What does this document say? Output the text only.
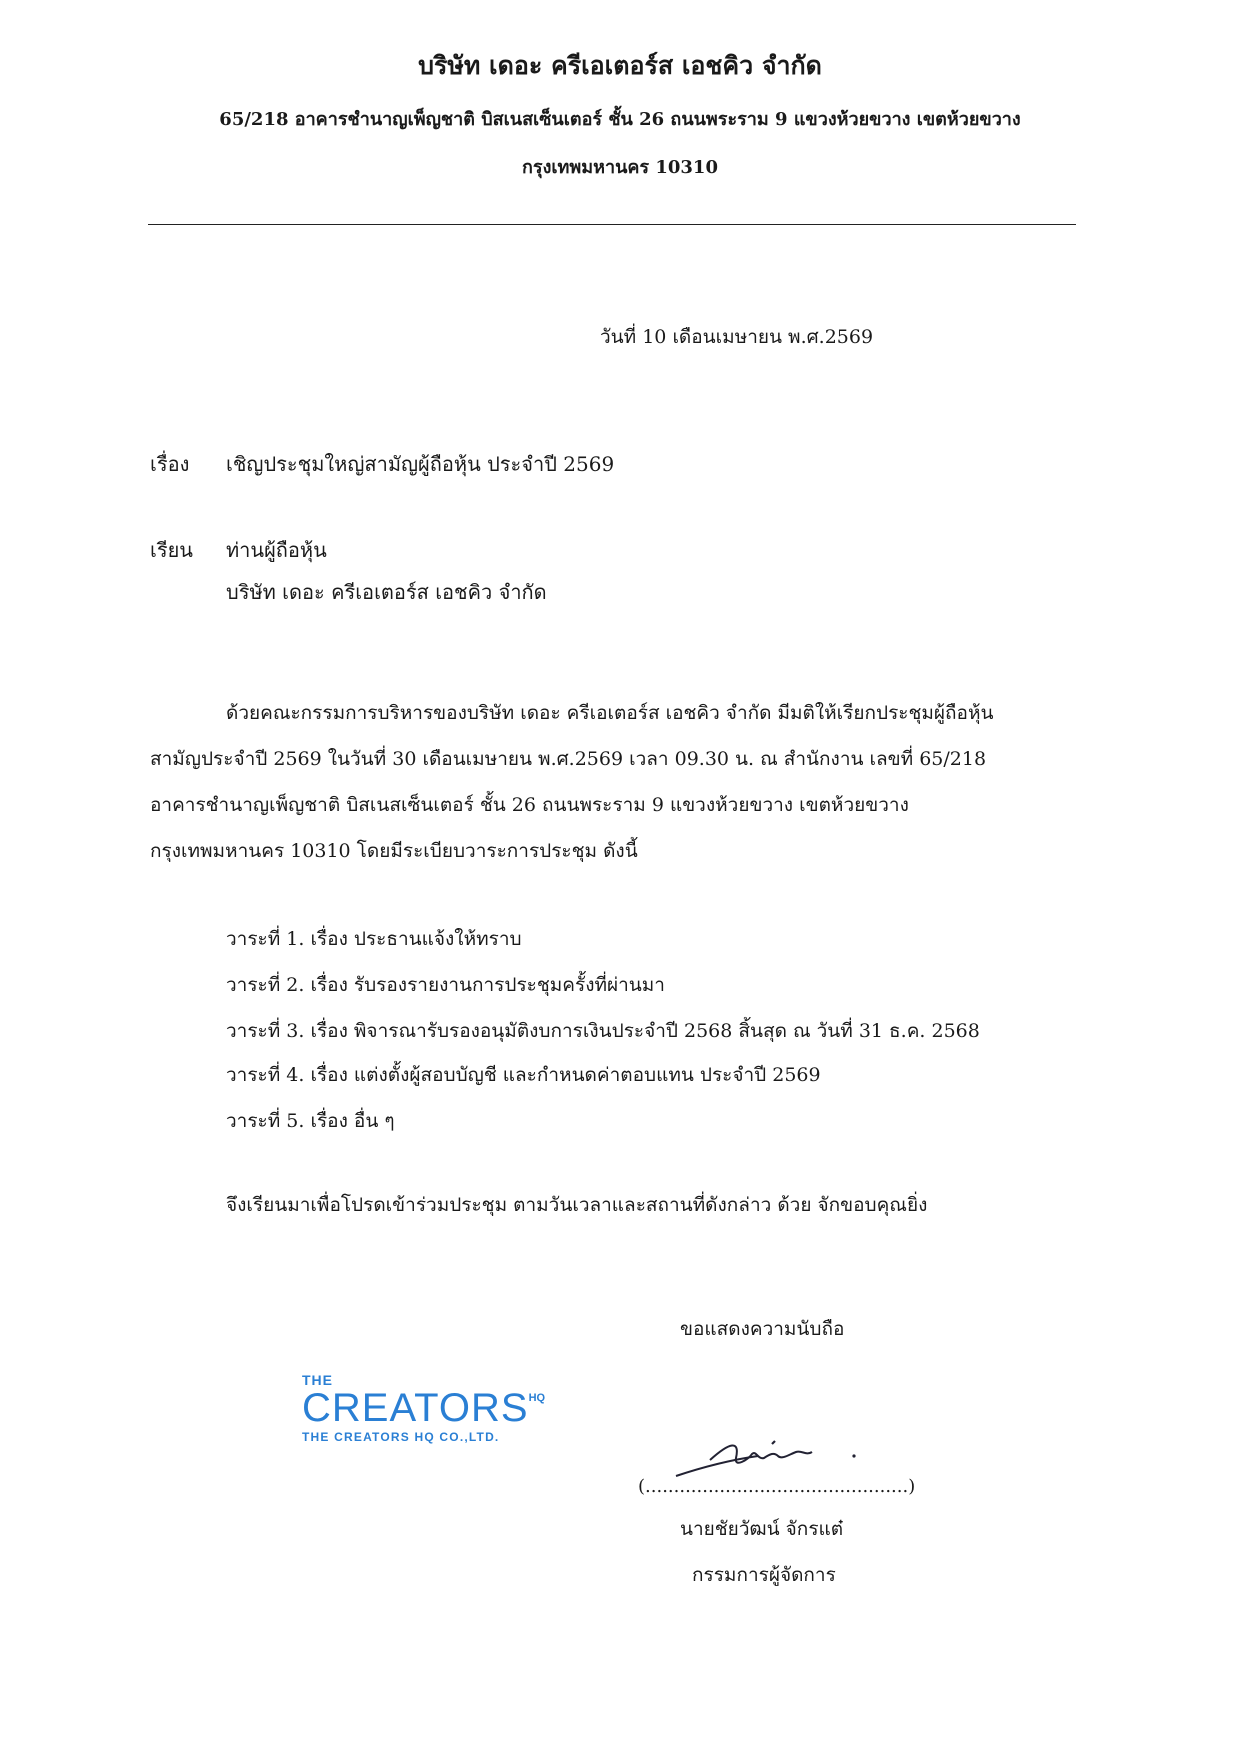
บริษัท เดอะ ครีเอเตอร์ส เอชคิว จำกัด
65/218 อาคารชำนาญเพ็ญชาติ บิสเนสเซ็นเตอร์ ชั้น 26 ถนนพระราม 9 แขวงห้วยขวาง เขตห้วยขวาง
กรุงเทพมหานคร 10310
วันที่ 10 เดือนเมษายน พ.ศ.2569
เรื่อง เชิญประชุมใหญ่สามัญผู้ถือหุ้น ประจำปี 2569
เรียน ท่านผู้ถือหุ้น
บริษัท เดอะ ครีเอเตอร์ส เอชคิว จำกัด
ด้วยคณะกรรมการบริหารของบริษัท เดอะ ครีเอเตอร์ส เอชคิว จำกัด มีมติให้เรียกประชุมผู้ถือหุ้น
สามัญประจำปี 2569 ในวันที่ 30 เดือนเมษายน พ.ศ.2569 เวลา 09.30 น. ณ สำนักงาน เลขที่ 65/218
อาคารชำนาญเพ็ญชาติ บิสเนสเซ็นเตอร์ ชั้น 26 ถนนพระราม 9 แขวงห้วยขวาง เขตห้วยขวาง
กรุงเทพมหานคร 10310 โดยมีระเบียบวาระการประชุม ดังนี้
วาระที่ 1. เรื่อง ประธานแจ้งให้ทราบ
วาระที่ 2. เรื่อง รับรองรายงานการประชุมครั้งที่ผ่านมา
วาระที่ 3. เรื่อง พิจารณารับรองอนุมัติงบการเงินประจำปี 2568 สิ้นสุด ณ วันที่ 31 ธ.ค. 2568
วาระที่ 4. เรื่อง แต่งตั้งผู้สอบบัญชี และกำหนดค่าตอบแทน ประจำปี 2569
วาระที่ 5. เรื่อง อื่น ๆ
จึงเรียนมาเพื่อโปรดเข้าร่วมประชุม ตามวันเวลาและสถานที่ดังกล่าว ด้วย จักขอบคุณยิ่ง
ขอแสดงความนับถือ
THE
$CREATORS^{HQ}$
THE CREATORS HQ CO.,LTD.
(..............................................)
นายชัยวัฒน์ จักรแต๋
กรรมการผู้จัดการ
